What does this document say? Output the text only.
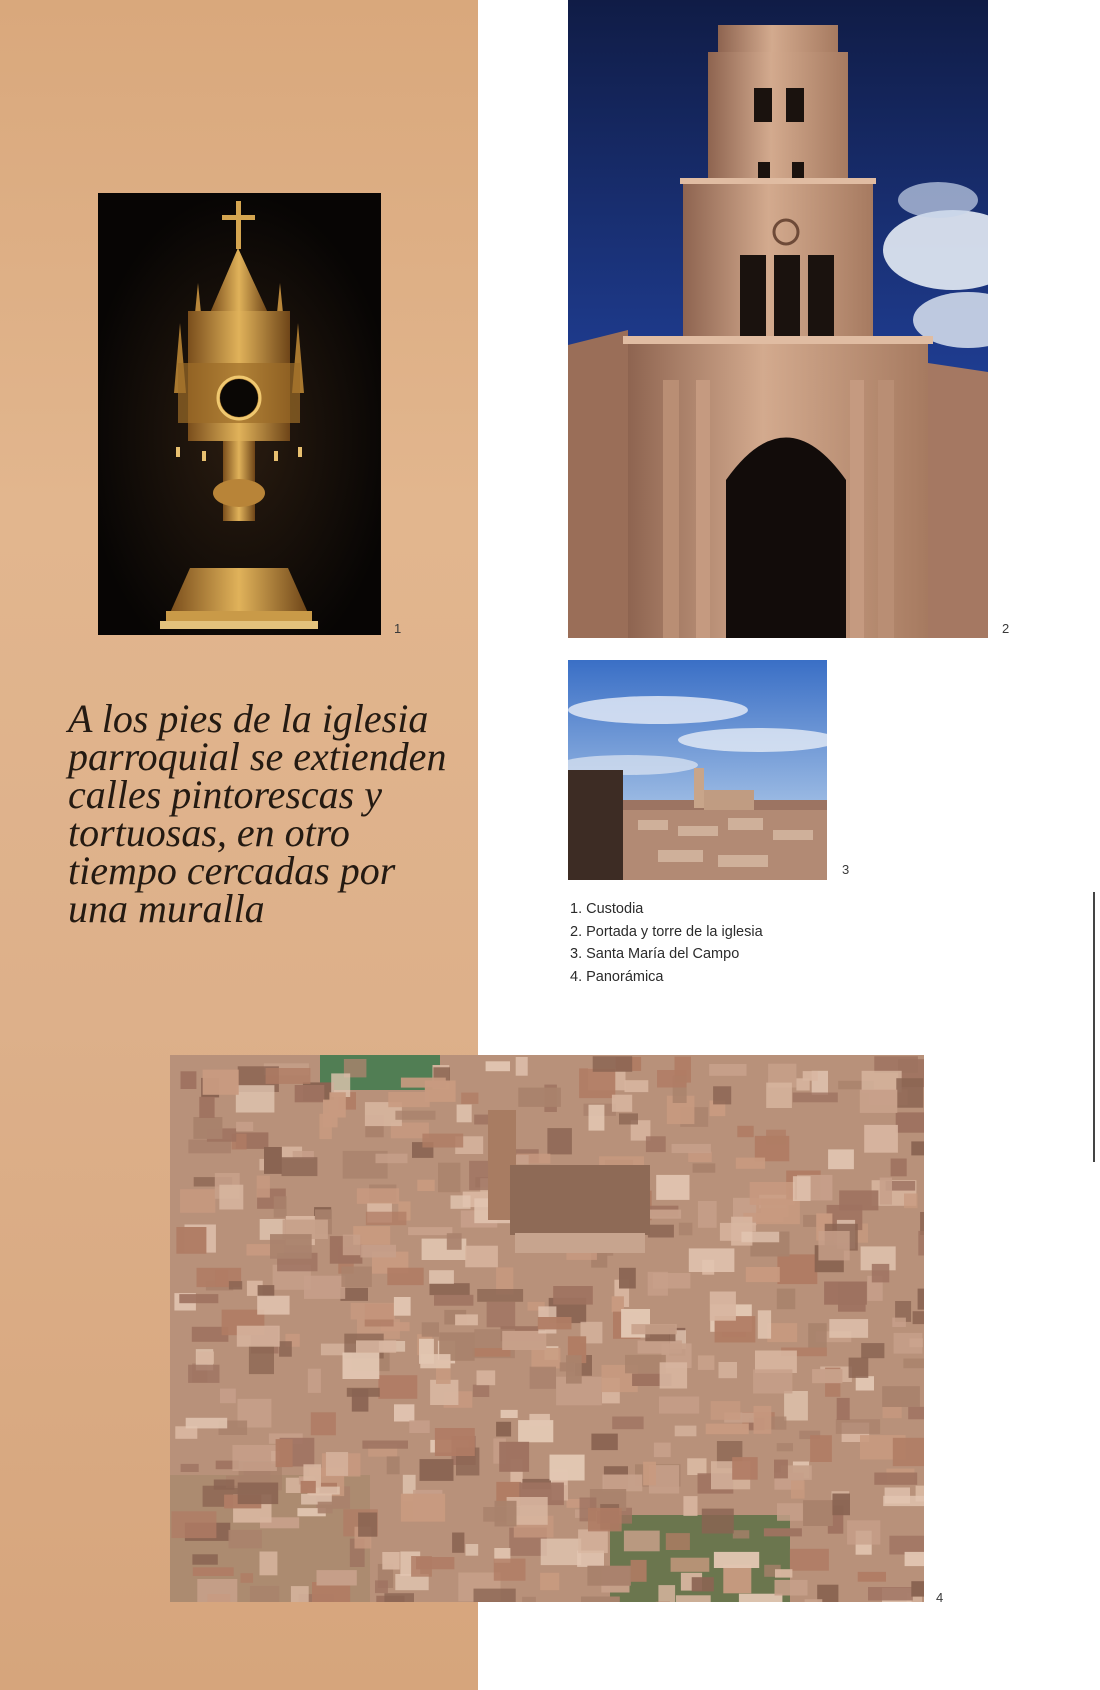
1	2
3

A los pies de la iglesia parroquial se extienden calles pintorescas y tortuosas, en otro tiempo cercadas por una muralla	1. Custodia
2. Portada y torre de la iglesia
3. Santa María del Campo
4. Panorámica
4
